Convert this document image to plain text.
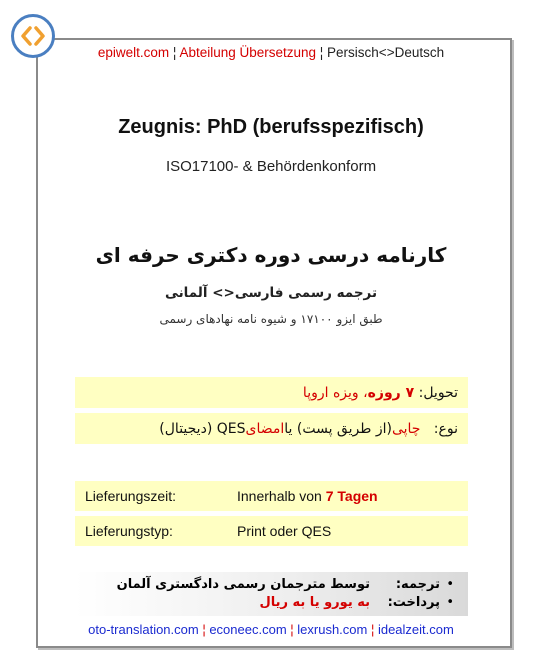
epiwelt.com ¦ Abteilung Übersetzung ¦ Persisch<>Deutsch
Zeugnis: PhD (berufsspezifisch)
ISO17100- & Behördenkonform
کارنامه درسی دوره دکتری حرفه ای
ترجمه رسمی فارسی<> آلمانی
طبق ایزو ۱۷۱۰۰ و شیوه نامه نهادهای رسمی
تحویل:

۷ روزه
، ویزه اروپا
نوع:

چاپی
(از طریق پست) یا
امضای
QES (دیجیتال)
Lieferungszeit:	Innerhalb von
7 Tagen
Lieferungstyp:	Print oder QES
•ترجمه:توسط مترجمان رسمی دادگستری آلمان
•پرداخت:به یورو یا به ریال
oto-translation.com ¦ econeec.com ¦ lexrush.com ¦ idealzeit.com
